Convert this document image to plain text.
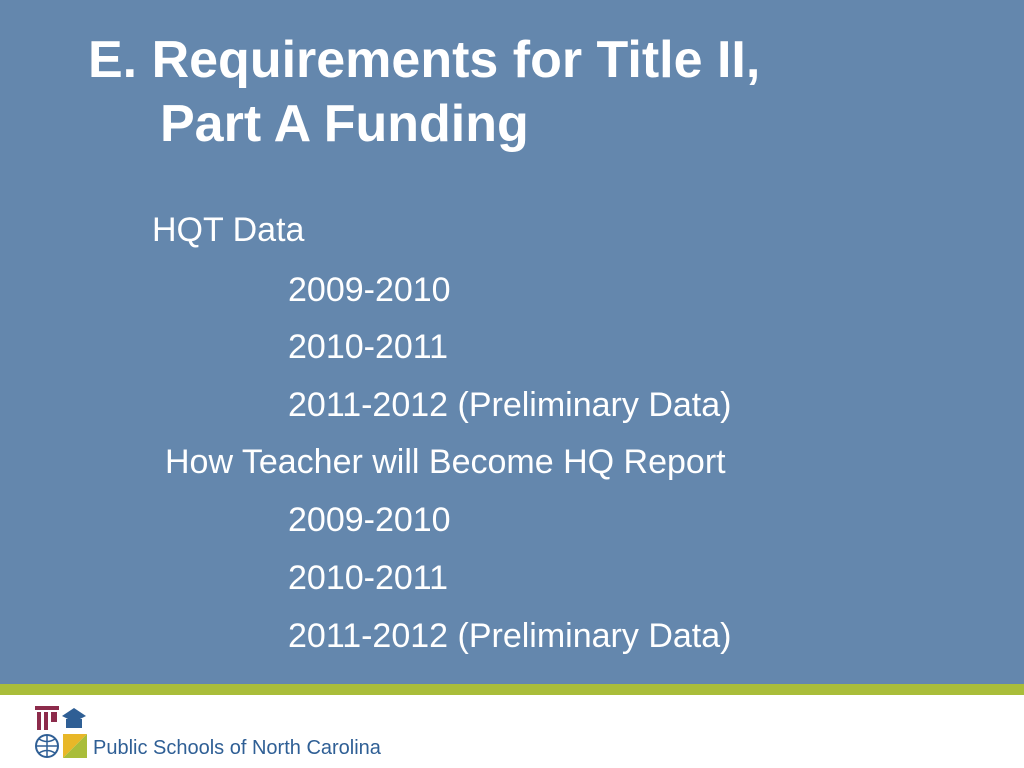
E. Requirements for Title II,
Part A Funding
HQT Data
2009-2010
2010-2011
2011-2012 (Preliminary Data)
How Teacher will Become HQ Report
2009-2010
2010-2011
2011-2012 (Preliminary Data)
Public Schools of North Carolina
